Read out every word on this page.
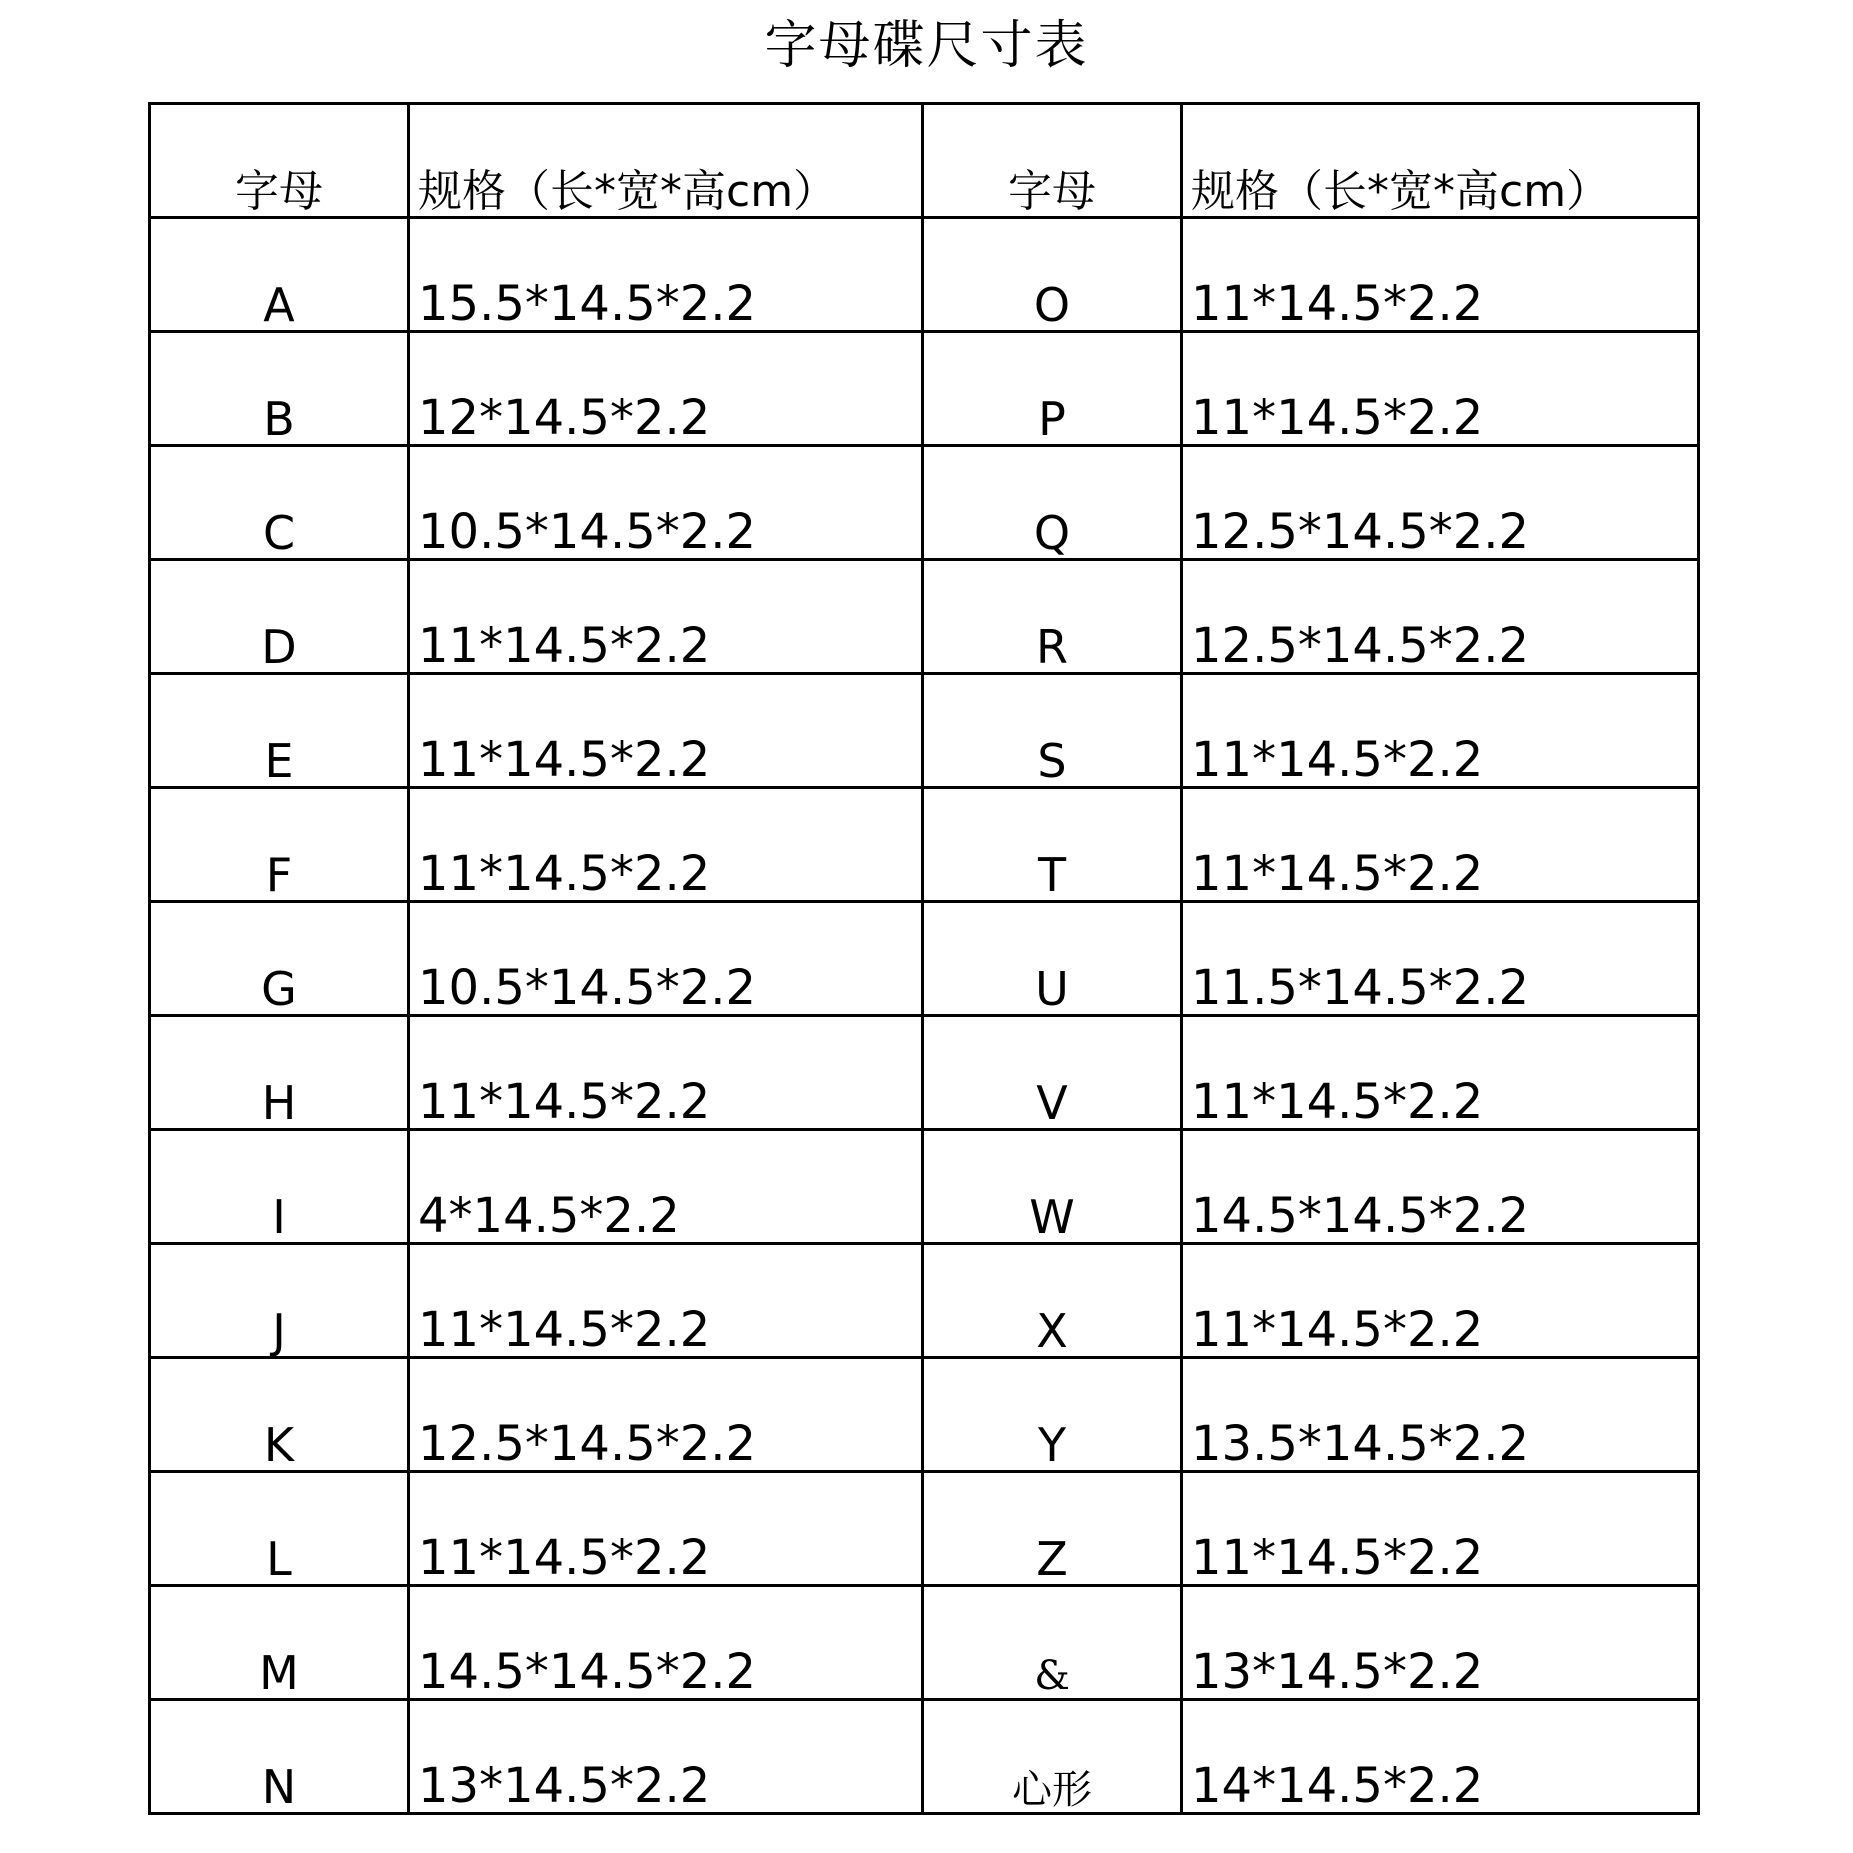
字母碟尺寸表
字母	规格（长*宽*高cm）	字母	规格（长*宽*高cm）

A	15.5*14.5*2.2	O	11*14.5*2.2

B	12*14.5*2.2	P	11*14.5*2.2

C	10.5*14.5*2.2	Q	12.5*14.5*2.2

D	11*14.5*2.2	R	12.5*14.5*2.2

E	11*14.5*2.2	S	11*14.5*2.2

F	11*14.5*2.2	T	11*14.5*2.2

G	10.5*14.5*2.2	U	11.5*14.5*2.2

H	11*14.5*2.2	V	11*14.5*2.2

I	4*14.5*2.2	W	14.5*14.5*2.2

J	11*14.5*2.2	X	11*14.5*2.2

K	12.5*14.5*2.2	Y	13.5*14.5*2.2

L	11*14.5*2.2	Z	11*14.5*2.2

M	14.5*14.5*2.2	&	13*14.5*2.2

N	13*14.5*2.2	心形	14*14.5*2.2
